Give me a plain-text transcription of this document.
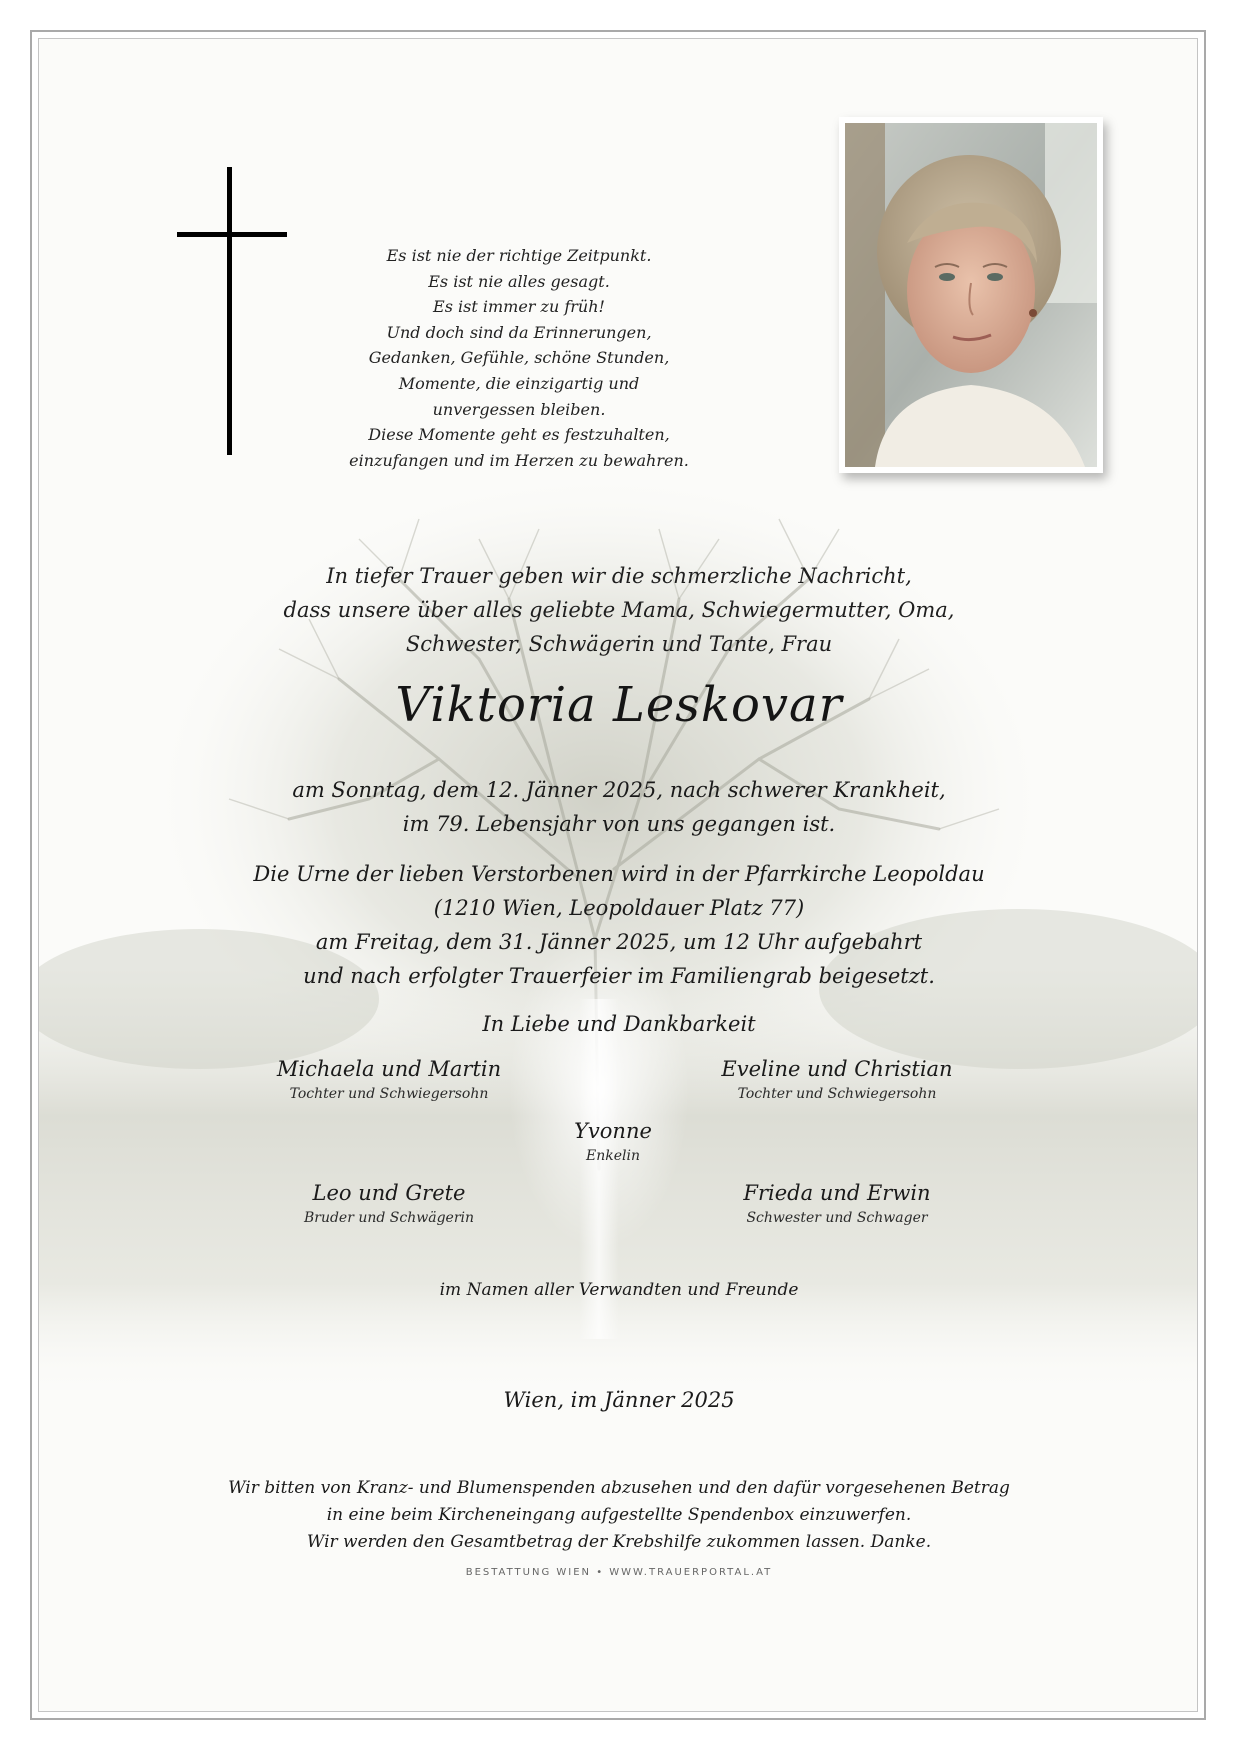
Es ist nie der richtige Zeitpunkt.
Es ist nie alles gesagt.
Es ist immer zu früh!
Und doch sind da Erinnerungen,
Gedanken, Gefühle, schöne Stunden,
Momente, die einzigartig und
unvergessen bleiben.
Diese Momente geht es festzuhalten,
einzufangen und im Herzen zu bewahren.
In tiefer Trauer geben wir die schmerzliche Nachricht,
dass unsere über alles geliebte Mama, Schwiegermutter, Oma,
Schwester, Schwägerin und Tante, Frau
Viktoria Leskovar
am Sonntag, dem 12. Jänner 2025, nach schwerer Krankheit,
im 79. Lebensjahr von uns gegangen ist.
Die Urne der lieben Verstorbenen wird in der Pfarrkirche Leopoldau
(1210 Wien, Leopoldauer Platz 77)
am Freitag, dem 31. Jänner 2025, um 12 Uhr aufgebahrt
und nach erfolgter Trauerfeier im Familiengrab beigesetzt.
In Liebe und Dankbarkeit
Michaela und Martin
Tochter und Schwiegersohn
Eveline und Christian
Tochter und Schwiegersohn
Yvonne
Enkelin
Leo und Grete
Bruder und Schwägerin
Frieda und Erwin
Schwester und Schwager
im Namen aller Verwandten und Freunde
Wien, im Jänner 2025
Wir bitten von Kranz- und Blumenspenden abzusehen und den dafür vorgesehenen Betrag
in eine beim Kircheneingang aufgestellte Spendenbox einzuwerfen.
Wir werden den Gesamtbetrag der Krebshilfe zukommen lassen. Danke.
BESTATTUNG WIEN • WWW.TRAUERPORTAL.AT
